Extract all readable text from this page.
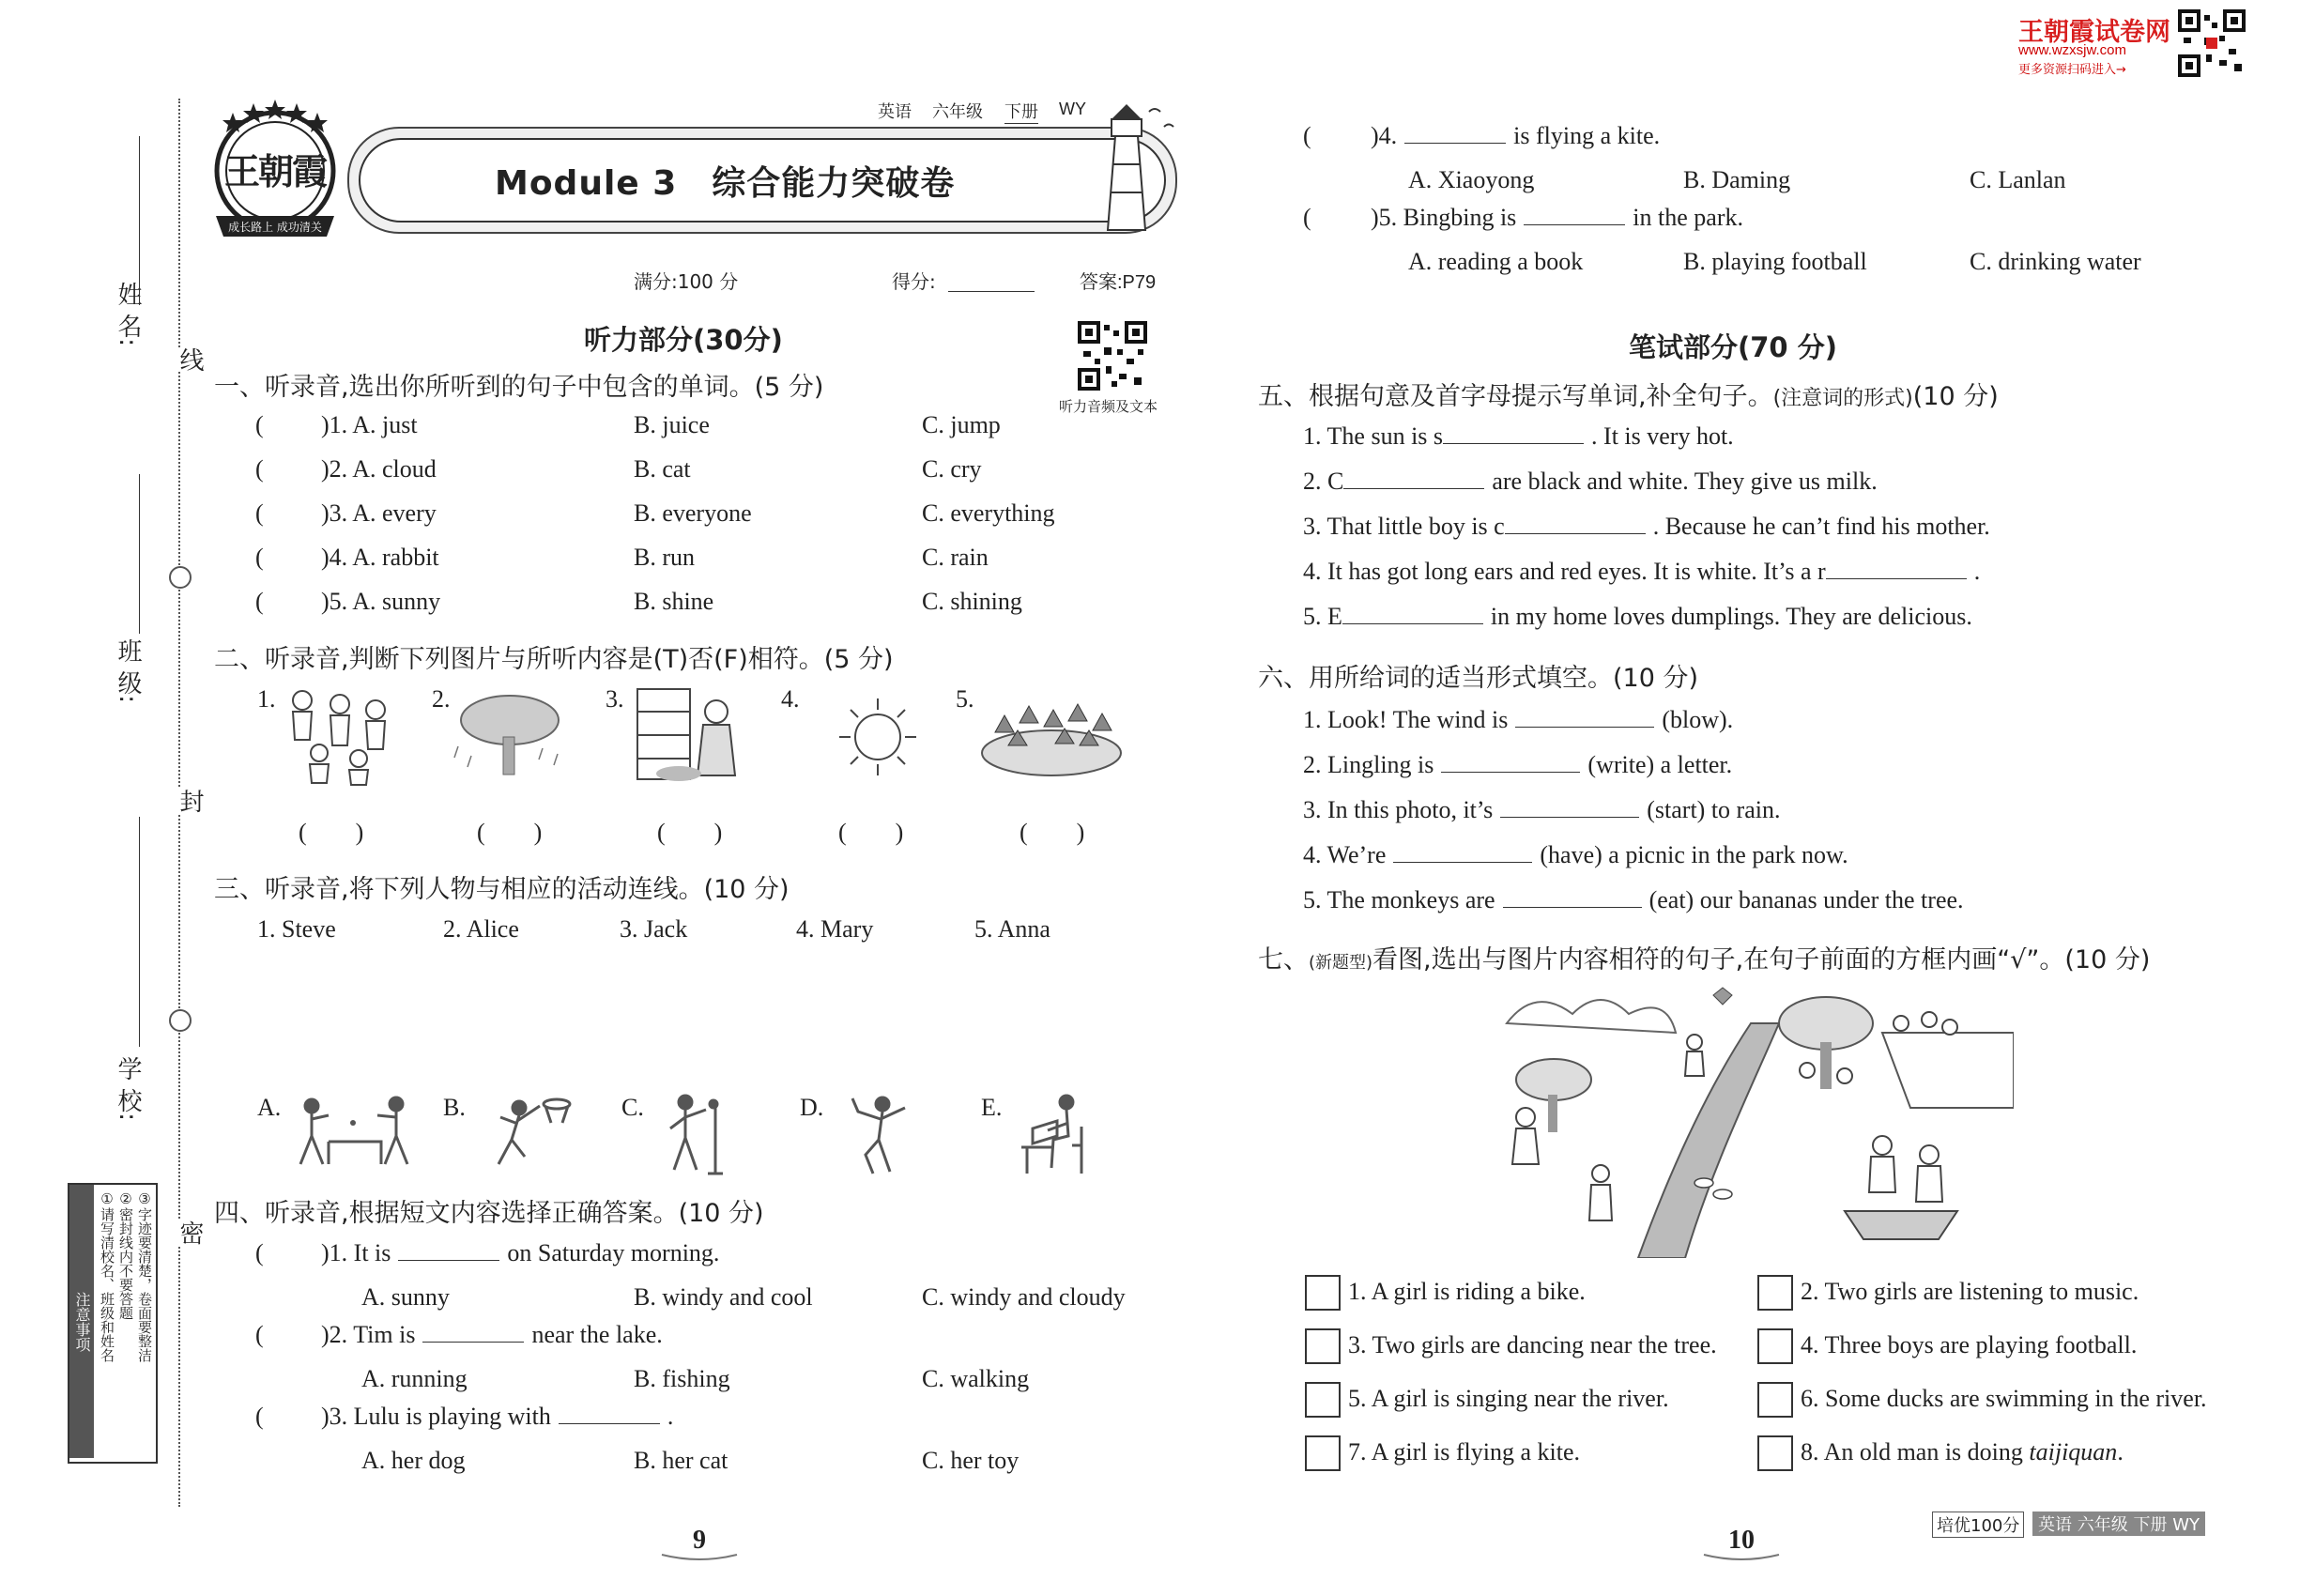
姓 名:
班 级:
学 校:
线
封
密
注意事项 ①请写清校名、班级和姓名 ②密封线内不要答题 ③字迹要清楚，卷面要整洁
王朝霞
成长路上 成功清关
Module 3　综合能力突破卷
英语 六年级 下册 WY
满分:100 分	得分:	答案:P79
听力音频及文本
听力部分(30分)
一、听录音,选出你所听到的句子中包含的单词。(5 分)
( )1. A. just	B. juice	C. jump
( )2. A. cloud	B. cat	C. cry
( )3. A. every	B. everyone	C. everything
( )4. A. rabbit	B. run	C. rain
( )5. A. sunny	B. shine	C. shining
二、听录音,判断下列图片与所听内容是(T)否(F)相符。(5 分)
1.	2.	3.	4.	5.
(　　)	(　　)	(　　)	(　　)	(　　)
三、听录音,将下列人物与相应的活动连线。(10 分)
1. Steve	2. Alice	3. Jack	4. Mary	5. Anna
A.	B.	C.	D.	E.
四、听录音,根据短文内容选择正确答案。(10 分)
( )1. It is	on Saturday morning.
A. sunny	B. windy and cool	C. windy and cloudy
( )2. Tim is	near the lake.
A. running	B. fishing	C. walking
( )3. Lulu is playing with	.
A. her dog	B. her cat	C. her toy
王朝霞试卷网
www.wzxsjw.com
更多资源扫码进入→
( )4.	is flying a kite.
A. Xiaoyong	B. Daming	C. Lanlan
( )5. Bingbing is	in the park.
A. reading a book	B. playing football	C. drinking water
笔试部分(70 分)
五、根据句意及首字母提示写单词,补全句子。(注意词的形式)(10 分)
1. The sun is s	. It is very hot.
2. C	are black and white. They give us milk.
3. That little boy is c	. Because he can’t find his mother.
4. It has got long ears and red eyes. It is white. It’s a r	.
5. E	in my home loves dumplings. They are delicious.
六、用所给词的适当形式填空。(10 分)
1. Look! The wind is	(blow).
2. Lingling is	(write) a letter.
3. In this photo, it’s	(start) to rain.
4. We’re	(have) a picnic in the park now.
5. The monkeys are	(eat) our bananas under the tree.
七、(新题型)看图,选出与图片内容相符的句子,在句子前面的方框内画“√”。(10 分)
1. A girl is riding a bike.	2. Two girls are listening to music.
3. Two girls are dancing near the tree.	4. Three boys are playing football.
5. A girl is singing near the river.	6. Some ducks are swimming in the river.
7. A girl is flying a kite.	8. An old man is doing taijiquan.
9	10	培优100分	英语 六年级 下册 WY
